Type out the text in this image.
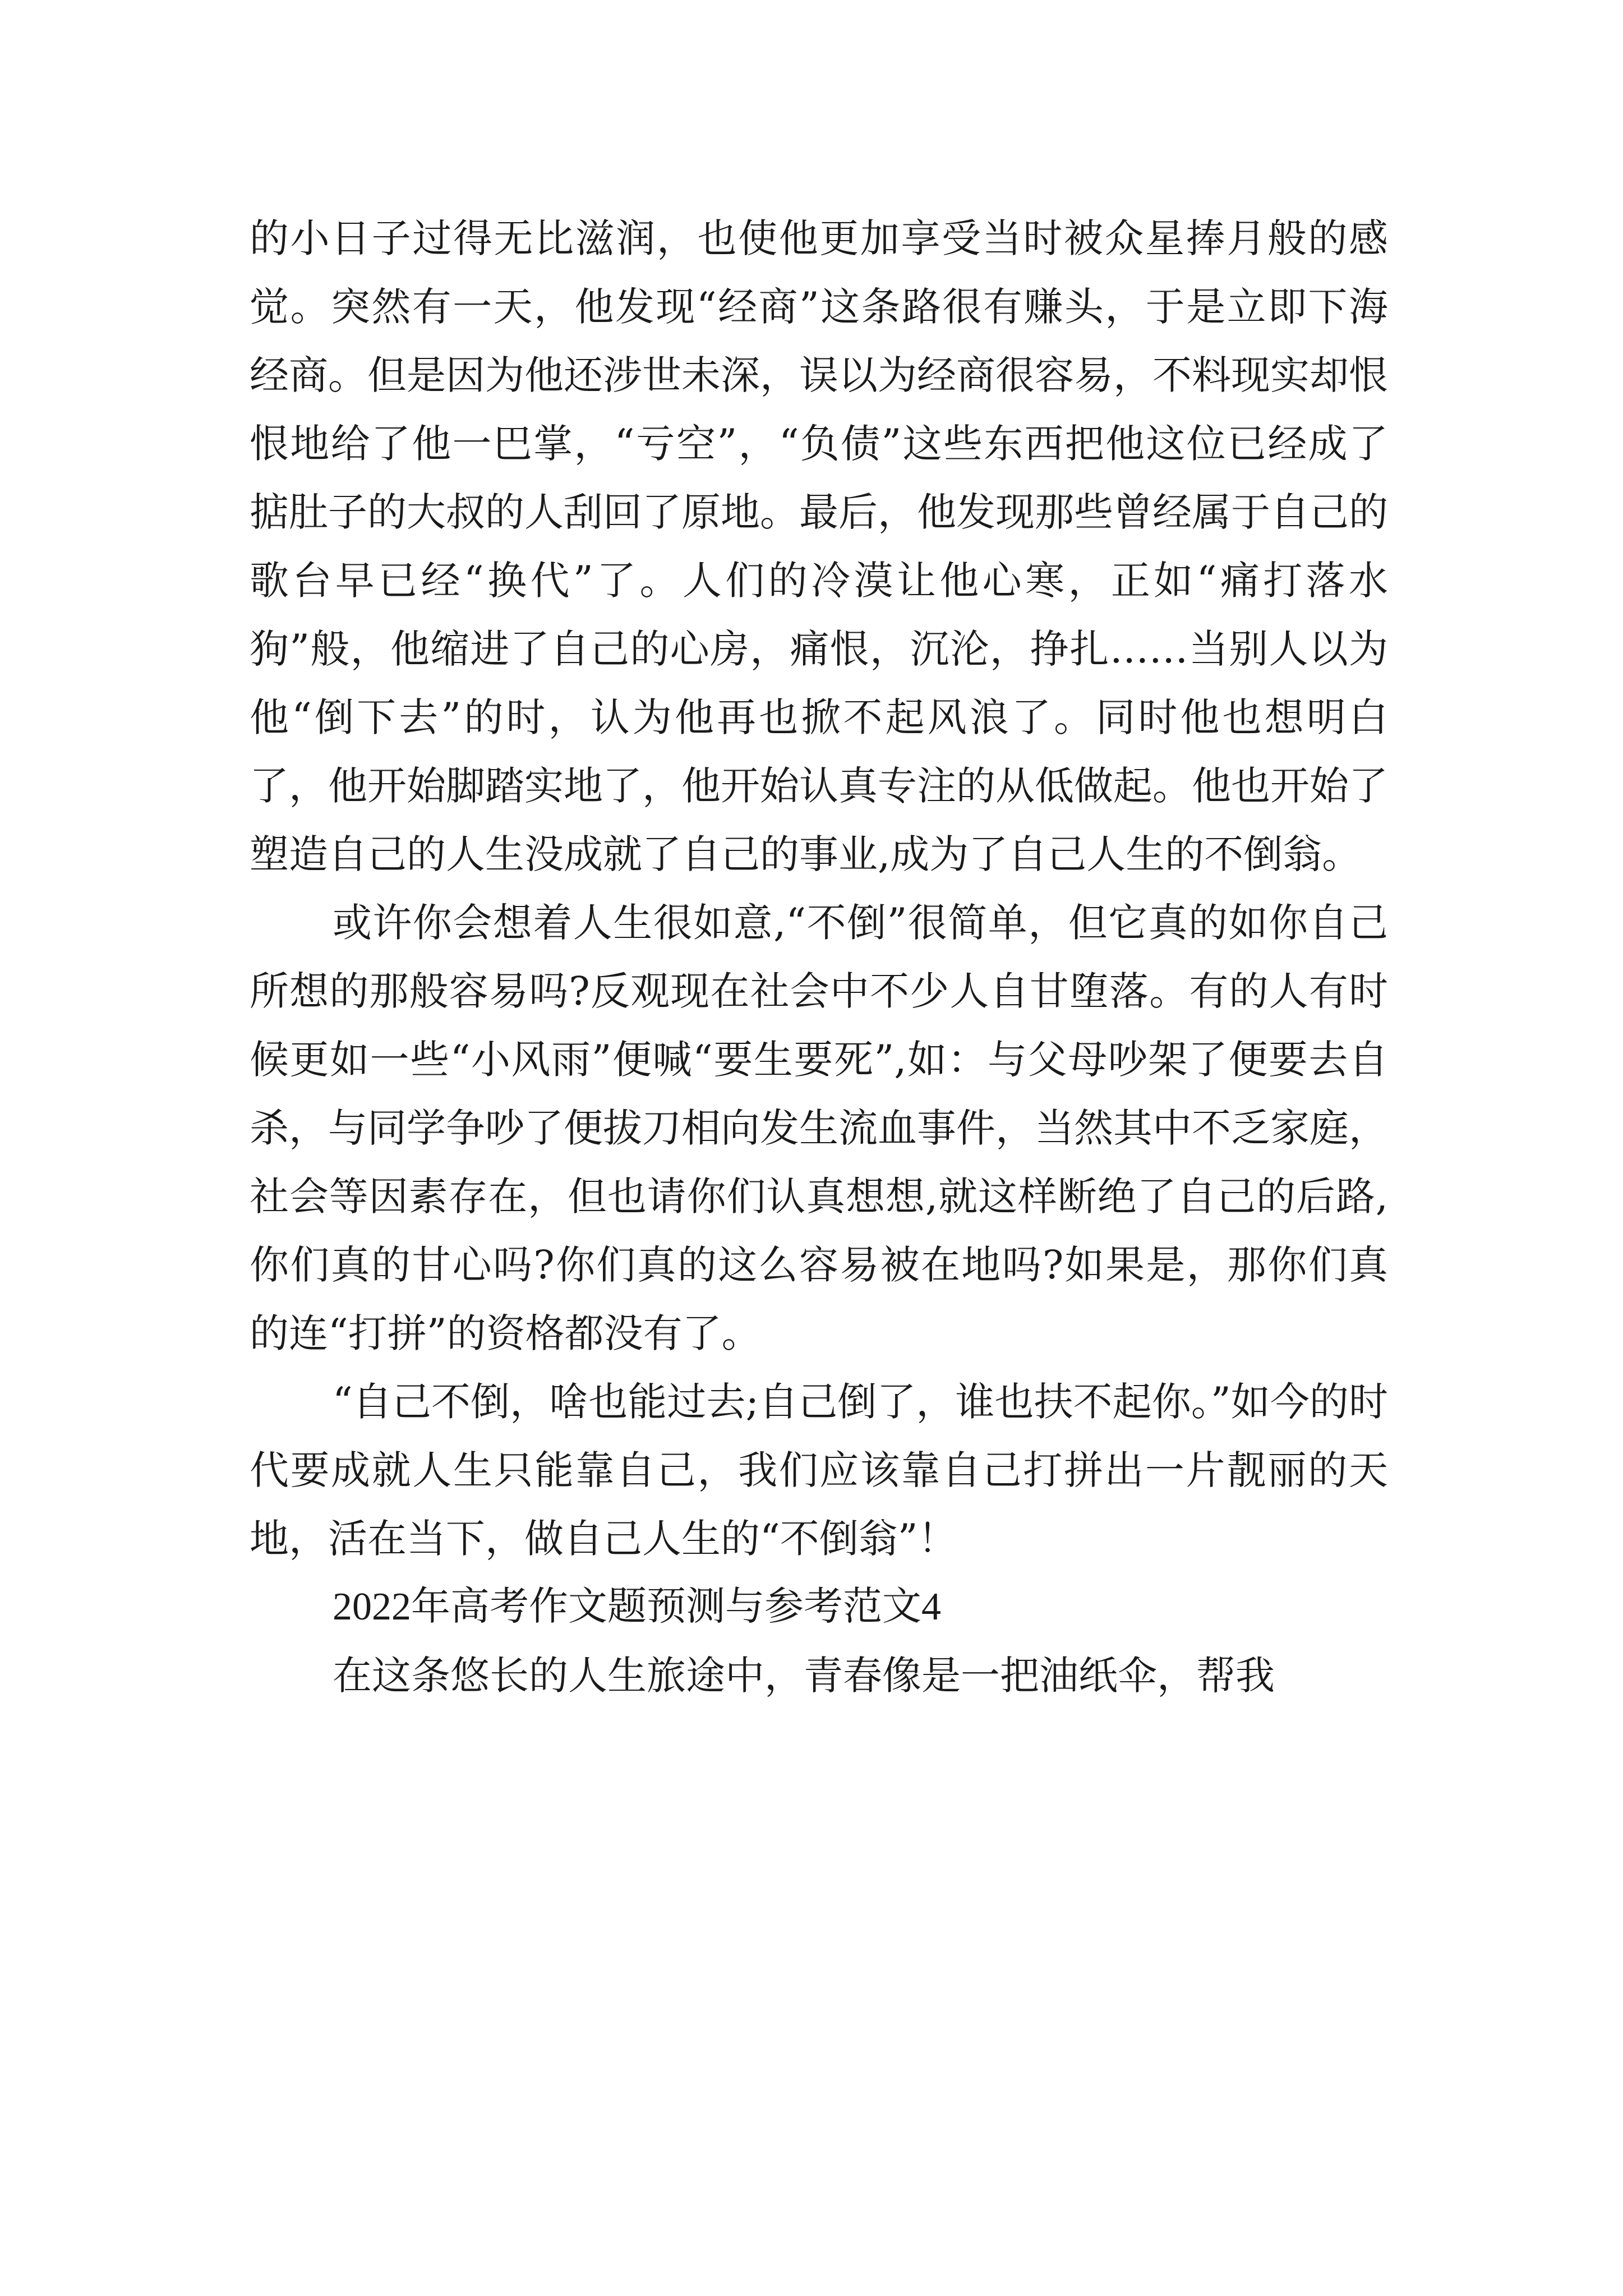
的小日子过得无比滋润，也使他更加享受当时被众星捧月般的感觉。突然有一天，他发现“经商”这条路很有赚头，于是立即下海经商。但是因为他还涉世未深，误以为经商很容易，不料现实却恨恨地给了他一巴掌，“亏空”，“负债”这些东西把他这位已经成了掂肚子的大叔的人刮回了原地。最后，他发现那些曾经属于自己的歌台早已经“换代”了。人们的冷漠让他心寒，正如“痛打落水狗”般，他缩进了自己的心房，痛恨，沉沦，挣扎……当别人以为他“倒下去”的时，认为他再也掀不起风浪了。同时他也想明白了，他开始脚踏实地了，他开始认真专注的从低做起。他也开始了塑造自己的人生没成就了自己的事业,成为了自己人生的不倒翁。

或许你会想着人生很如意,“不倒”很简单，但它真的如你自己所想的那般容易吗?反观现在社会中不少人自甘堕落。有的人有时候更如一些“小风雨”便喊“要生要死”,如：与父母吵架了便要去自杀，与同学争吵了便拔刀相向发生流血事件，当然其中不乏家庭，社会等因素存在，但也请你们认真想想,就这样断绝了自己的后路,你们真的甘心吗?你们真的这么容易被在地吗?如果是，那你们真的连“打拼”的资格都没有了。

“自己不倒，啥也能过去;自己倒了，谁也扶不起你。”如今的时代要成就人生只能靠自己，我们应该靠自己打拼出一片靓丽的天地，活在当下，做自己人生的“不倒翁”！

2022年高考作文题预测与参考范文4

在这条悠长的人生旅途中，青春像是一把油纸伞，帮我
